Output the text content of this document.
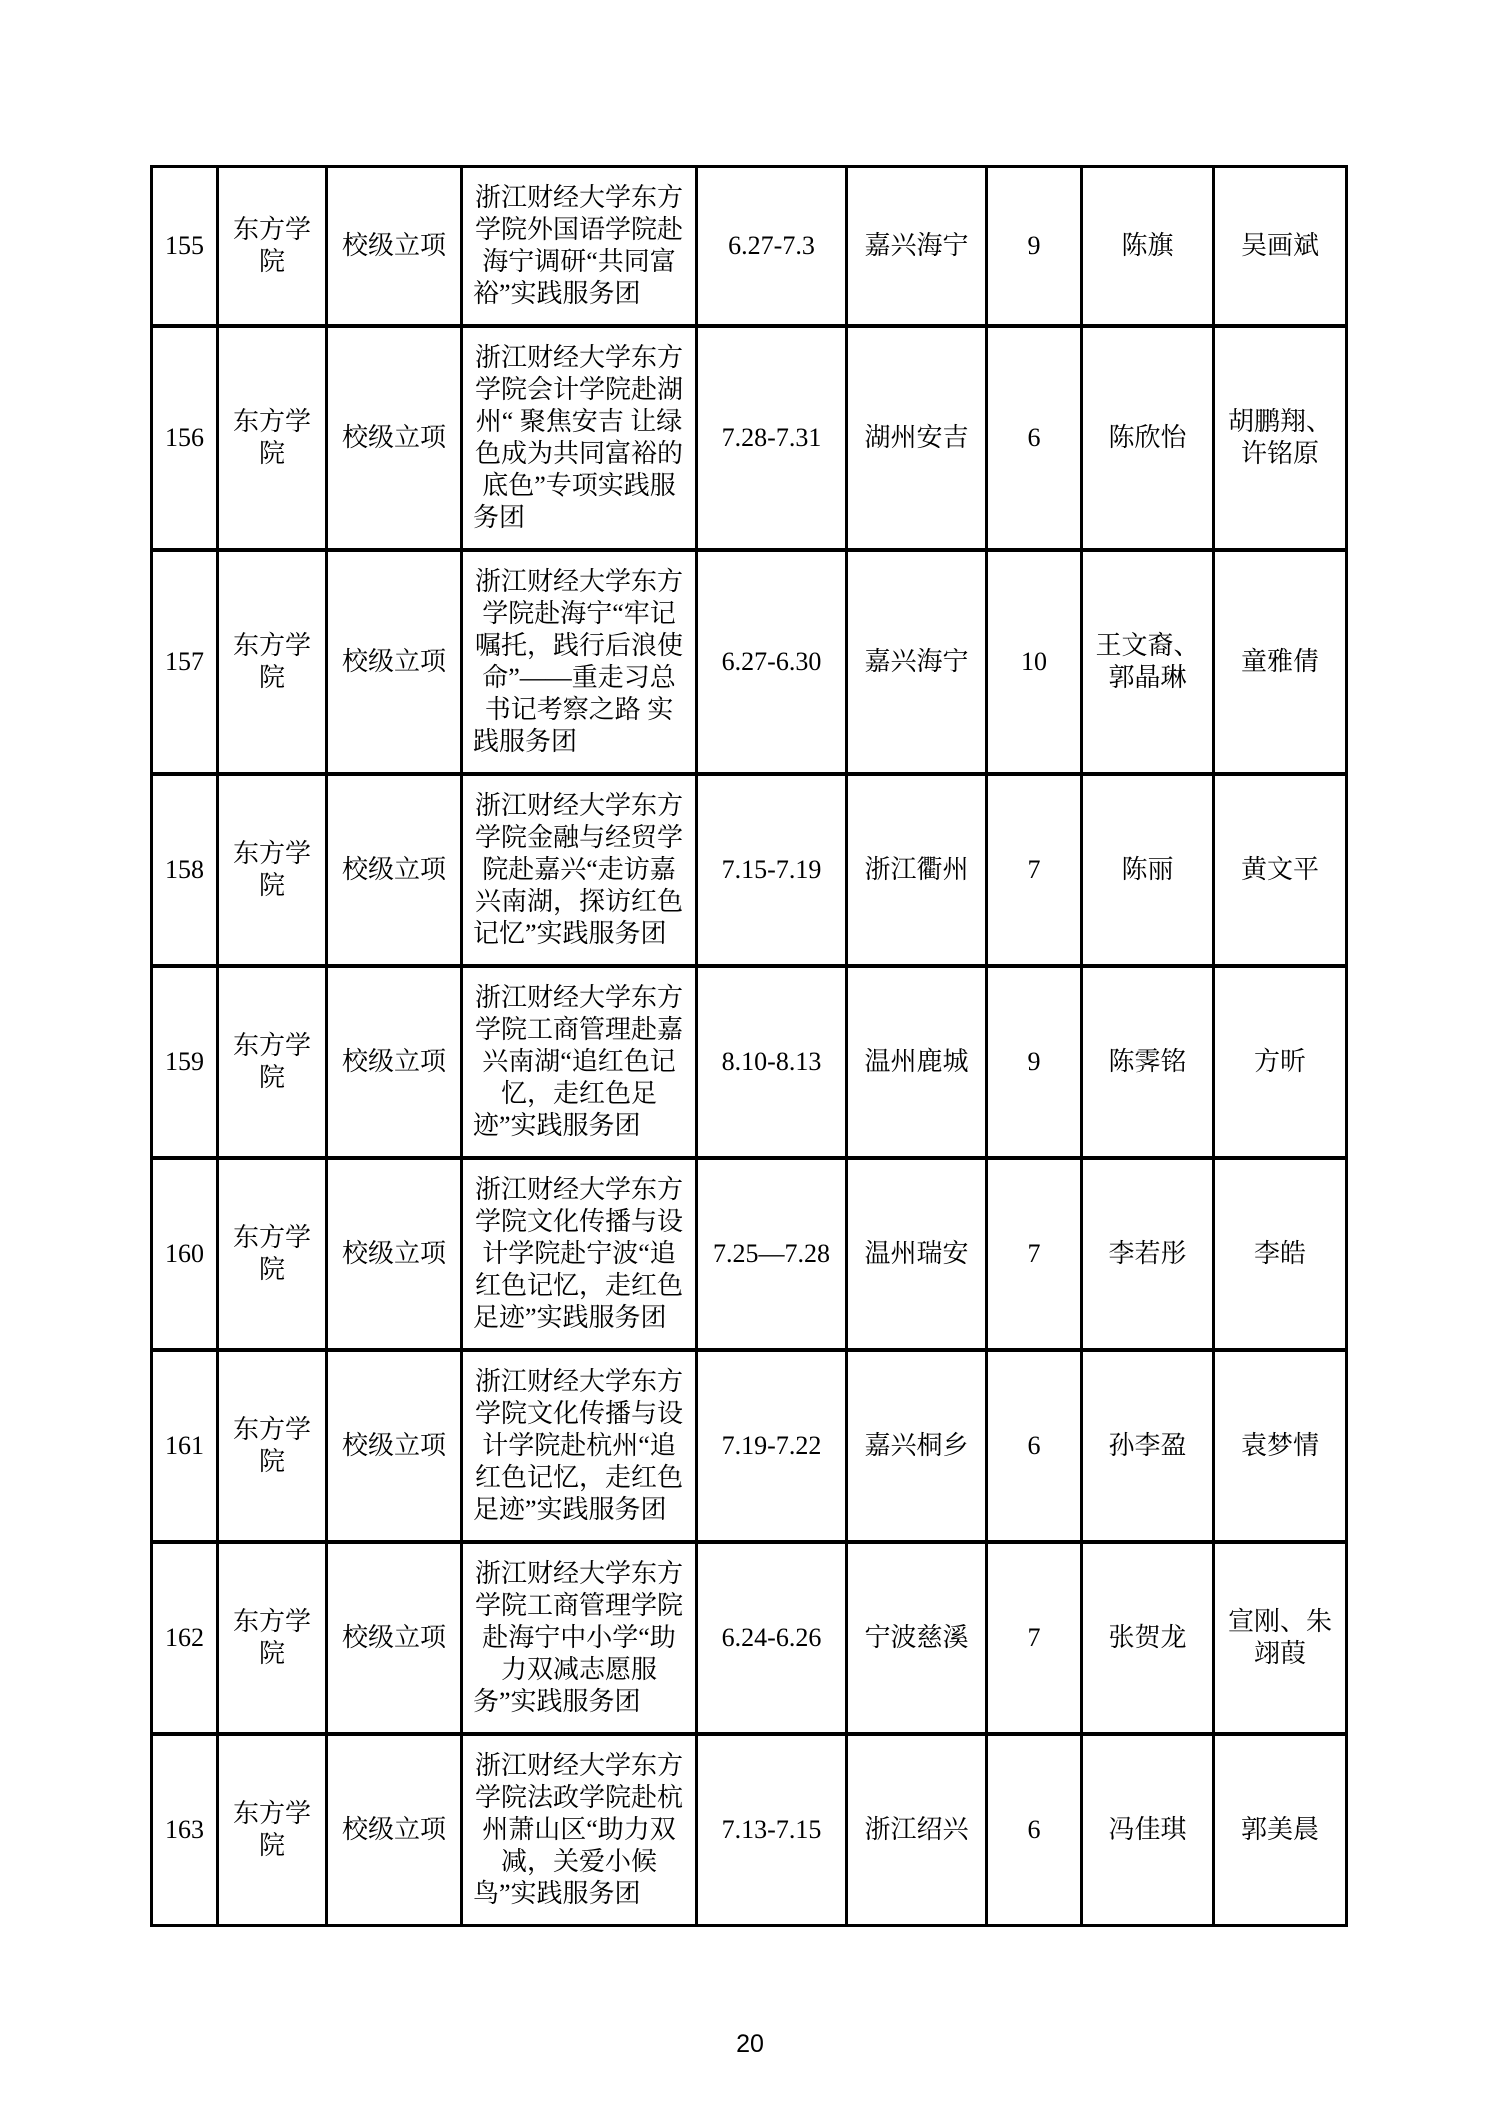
155	东方学院	校级立项	浙江财经大学东方学院外国语学院赴海宁调研“共同富裕”实践服务团	6.27-7.3	嘉兴海宁	9	陈旗	吴画斌
156	东方学院	校级立项	浙江财经大学东方学院会计学院赴湖州“ 聚焦安吉 让绿色成为共同富裕的底色”专项实践服务团	7.28-7.31	湖州安吉	6	陈欣怡	胡鹏翔、许铭原
157	东方学院	校级立项	浙江财经大学东方学院赴海宁“牢记嘱托，践行后浪使命”——重走习总书记考察之路 实践服务团	6.27-6.30	嘉兴海宁	10	王文裔、郭晶琳	童雅倩
158	东方学院	校级立项	浙江财经大学东方学院金融与经贸学院赴嘉兴“走访嘉兴南湖，探访红色记忆”实践服务团	7.15-7.19	浙江衢州	7	陈丽	黄文平
159	东方学院	校级立项	浙江财经大学东方学院工商管理赴嘉兴南湖“追红色记忆，走红色足迹”实践服务团	8.10-8.13	温州鹿城	9	陈霁铭	方昕
160	东方学院	校级立项	浙江财经大学东方学院文化传播与设计学院赴宁波“追红色记忆，走红色足迹”实践服务团	7.25—7.28	温州瑞安	7	李若彤	李皓
161	东方学院	校级立项	浙江财经大学东方学院文化传播与设计学院赴杭州“追红色记忆，走红色足迹”实践服务团	7.19-7.22	嘉兴桐乡	6	孙李盈	袁梦情
162	东方学院	校级立项	浙江财经大学东方学院工商管理学院赴海宁中小学“助力双减志愿服务”实践服务团	6.24-6.26	宁波慈溪	7	张贺龙	宣刚、朱翊葭
163	东方学院	校级立项	浙江财经大学东方学院法政学院赴杭州萧山区“助力双减，关爱小候鸟”实践服务团	7.13-7.15	浙江绍兴	6	冯佳琪	郭美晨
20
